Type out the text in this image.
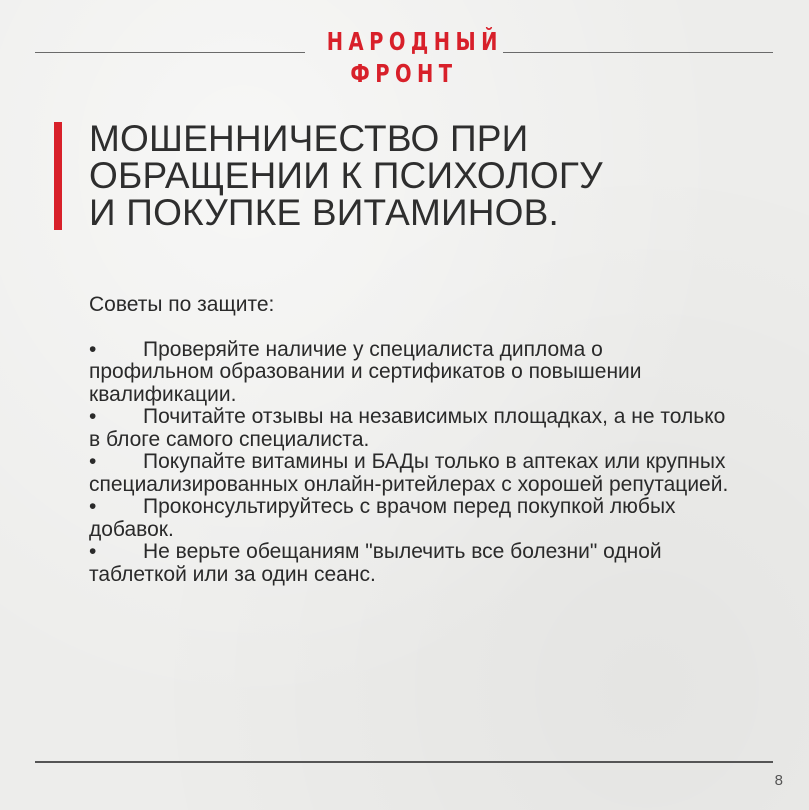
НАРОДНЫЙ
ФРОНТ
МОШЕННИЧЕСТВО ПРИ
ОБРАЩЕНИИ К ПСИХОЛОГУ
И ПОКУПКЕ ВИТАМИНОВ.

Советы по защите:

• Проверяйте наличие у специалиста диплома о профильном образовании и сертификатов о повышении квалификации.
• Почитайте отзывы на независимых площадках, а не только в блоге самого специалиста.
• Покупайте витамины и БАДы только в аптеках или крупных специализированных онлайн-ритейлерах с хорошей репутацией.
• Проконсультируйтесь с врачом перед покупкой любых добавок.
• Не верьте обещаниям "вылечить все болезни" одной таблеткой или за один сеанс.
8
